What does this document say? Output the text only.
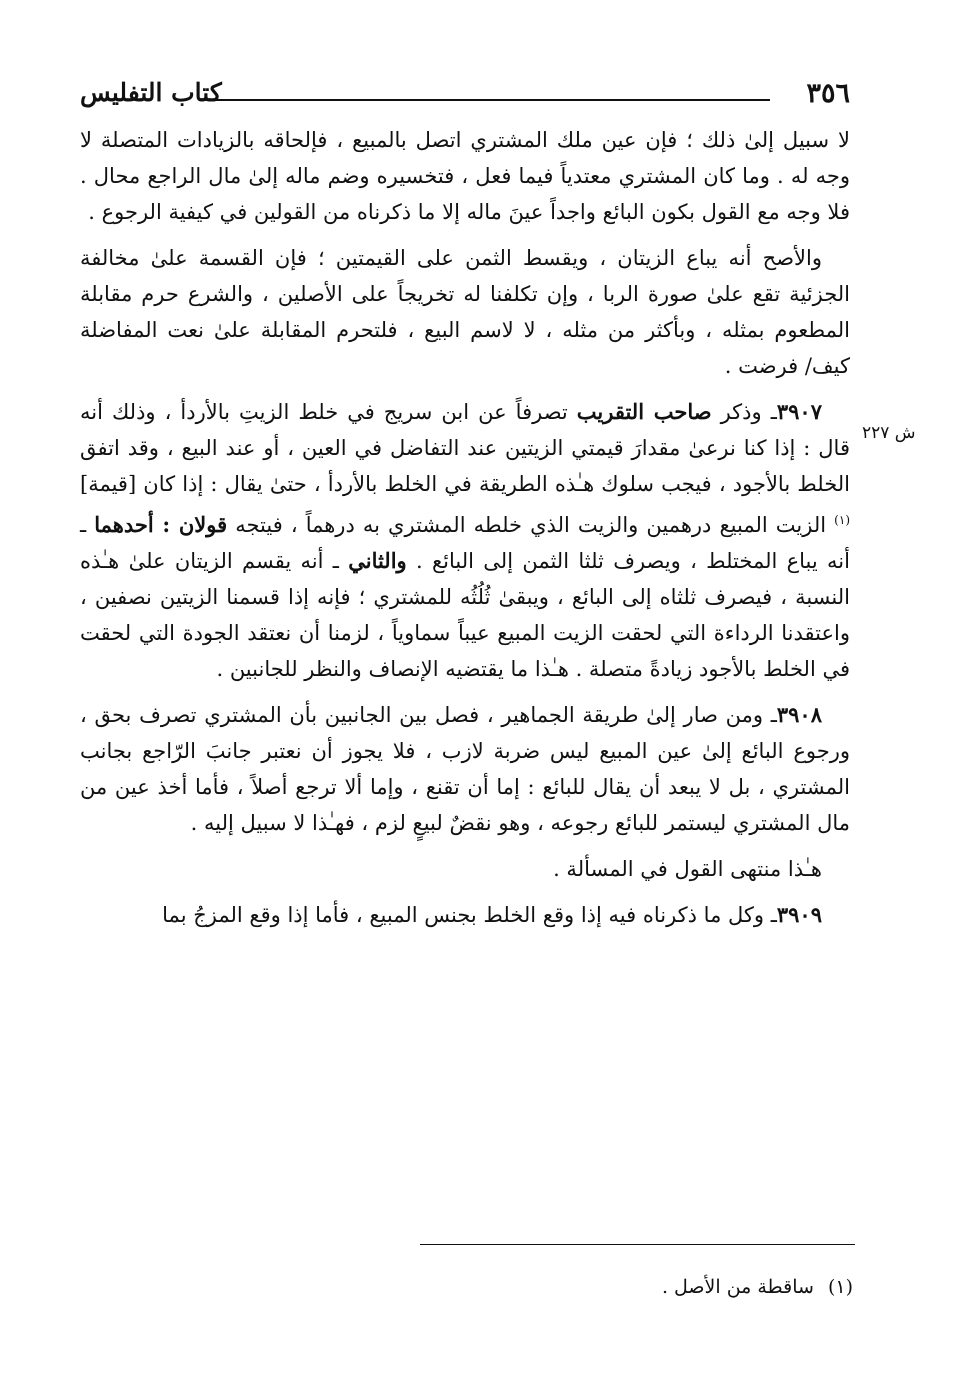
٣٥٦
كتاب التفليس

لا سبيل إلىٰ ذلك ؛ فإن عين ملك المشتري اتصل بالمبيع ، فإلحاقه بالزيادات المتصلة لا وجه له . وما كان المشتري معتدياً فيما فعل ، فتخسيره وضم ماله إلىٰ مال الراجع محال . فلا وجه مع القول بكون البائع واجداً عينَ ماله إلا ما ذكرناه من القولين في كيفية الرجوع .

والأصح أنه يباع الزيتان ، ويقسط الثمن على القيمتين ؛ فإن القسمة علىٰ مخالفة الجزئية تقع علىٰ صورة الربا ، وإن تكلفنا له تخريجاً على الأصلين ، والشرع حرم مقابلة المطعوم بمثله ، وبأكثر من مثله ، لا لاسم البيع ، فلتحرم المقابلة علىٰ نعت المفاضلة كيف/ فرضت .

٣٩٠٧ـ وذكر صاحب التقريب تصرفاً عن ابن سريج في خلط الزيتِ بالأردأ ، وذلك أنه قال : إذا كنا نرعىٰ مقدارَ قيمتي الزيتين عند التفاضل في العين ، أو عند البيع ، وقد اتفق الخلط بالأجود ، فيجب سلوك هـٰذه الطريقة في الخلط بالأردأ ، حتىٰ يقال : إذا كان [قيمة]$^{(١)}$ الزيت المبيع درهمين والزيت الذي خلطه المشتري به درهماً ، فيتجه قولان : أحدهما ـ أنه يباع المختلط ، ويصرف ثلثا الثمن إلى البائع . والثاني ـ أنه يقسم الزيتان علىٰ هـٰذه النسبة ، فيصرف ثلثاه إلى البائع ، ويبقىٰ ثُلُثُه للمشتري ؛ فإنه إذا قسمنا الزيتين نصفين ، واعتقدنا الرداءة التي لحقت الزيت المبيع عيباً سماوياً ، لزمنا أن نعتقد الجودة التي لحقت في الخلط بالأجود زيادةً متصلة . هـٰذا ما يقتضيه الإنصاف والنظر للجانبين .

٣٩٠٨ـ ومن صار إلىٰ طريقة الجماهير ، فصل بين الجانبين بأن المشتري تصرف بحق ، ورجوع البائع إلىٰ عين المبيع ليس ضربة لازب ، فلا يجوز أن نعتبر جانبَ الرّاجع بجانب المشتري ، بل لا يبعد أن يقال للبائع : إما أن تقنع ، وإما ألا ترجع أصلاً ، فأما أخذ عين من مال المشتري ليستمر للبائع رجوعه ، وهو نقضٌ لبيعٍ لزم ، فهـٰذا لا سبيل إليه .

هـٰذا منتهى القول في المسألة .

٣٩٠٩ـ وكل ما ذكرناه فيه إذا وقع الخلط بجنس المبيع ، فأما إذا وقع المزجُ بما

ش ٢٢٧
(١)ساقطة من الأصل .
